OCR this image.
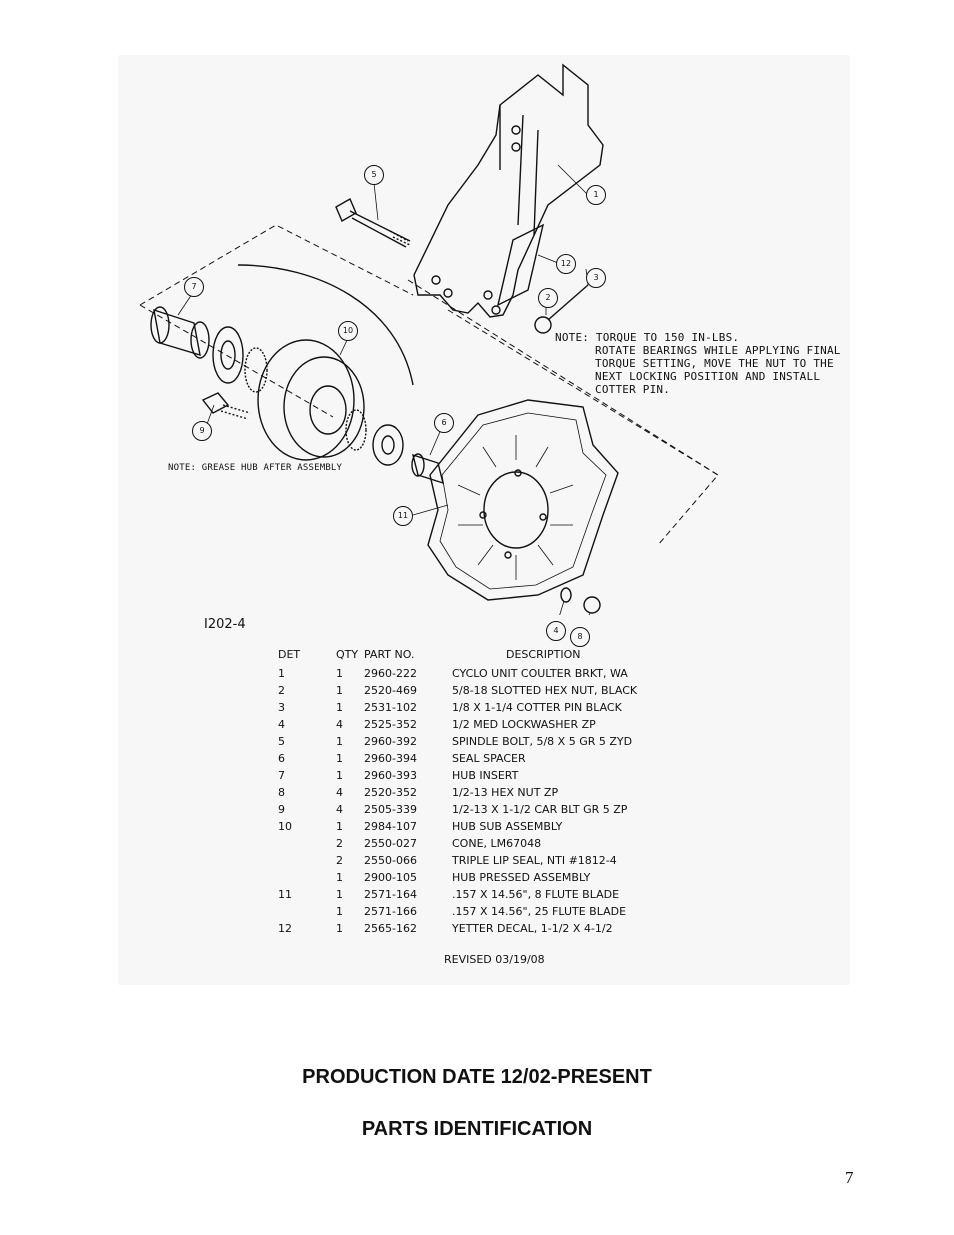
5
1
12
3
2
7
10
9
6
11
4
8
NOTE: TORQUE TO 150 IN-LBS.
ROTATE BEARINGS WHILE APPLYING FINAL
TORQUE SETTING, MOVE THE NUT TO THE
NEXT LOCKING POSITION AND INSTALL
COTTER PIN.
NOTE: GREASE HUB AFTER ASSEMBLY
I202-4
DET	QTY	PART NO.	DESCRIPTION
1	1	2960-222	CYCLO UNIT COULTER BRKT, WA
2	1	2520-469	5/8-18 SLOTTED HEX NUT, BLACK
3	1	2531-102	1/8 X 1-1/4 COTTER PIN BLACK
4	4	2525-352	1/2 MED LOCKWASHER ZP
5	1	2960-392	SPINDLE BOLT, 5/8 X 5 GR 5 ZYD
6	1	2960-394	SEAL SPACER
7	1	2960-393	HUB INSERT
8	4	2520-352	1/2-13 HEX NUT ZP
9	4	2505-339	1/2-13 X 1-1/2 CAR BLT GR 5 ZP
10	1	2984-107	HUB SUB ASSEMBLY
	2	2550-027	CONE, LM67048
	2	2550-066	TRIPLE LIP SEAL, NTI #1812-4
	1	2900-105	HUB PRESSED ASSEMBLY
11	1	2571-164	.157 X 14.56", 8 FLUTE BLADE
	1	2571-166	.157 X 14.56", 25 FLUTE BLADE
12	1	2565-162	YETTER DECAL, 1-1/2 X 4-1/2
REVISED 03/19/08
PRODUCTION DATE 12/02-PRESENT
PARTS IDENTIFICATION
7
